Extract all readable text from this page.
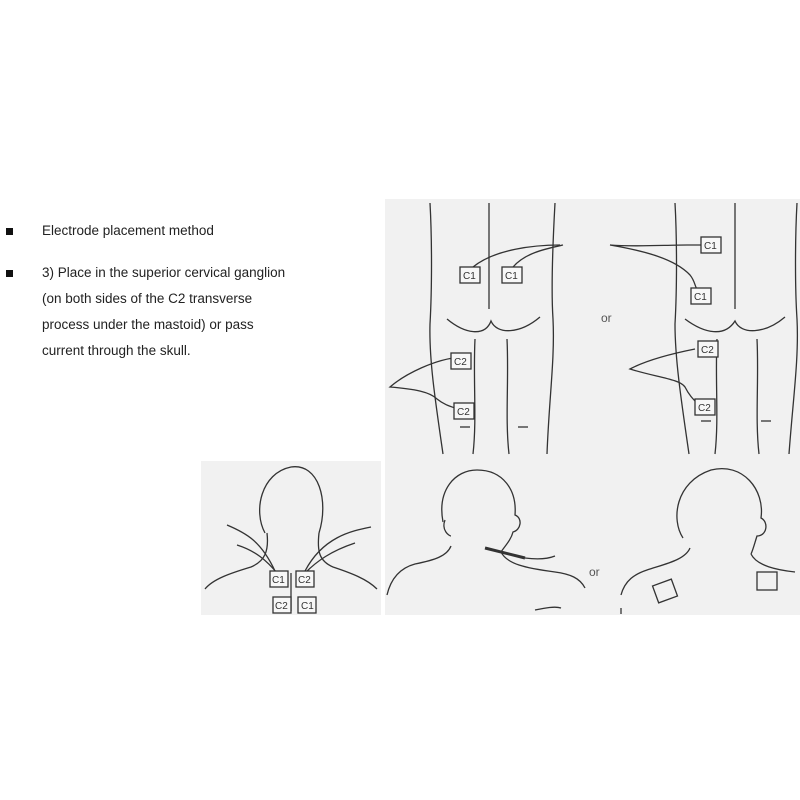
Electrode placement method
3) Place in the superior cervical ganglion
(on both sides of the C2 transverse
process under the mastoid) or pass
current through the skull.
C1	C1
C2
C2
C1
C1
C2
C2
or
or
C1 C2
C2 C1
